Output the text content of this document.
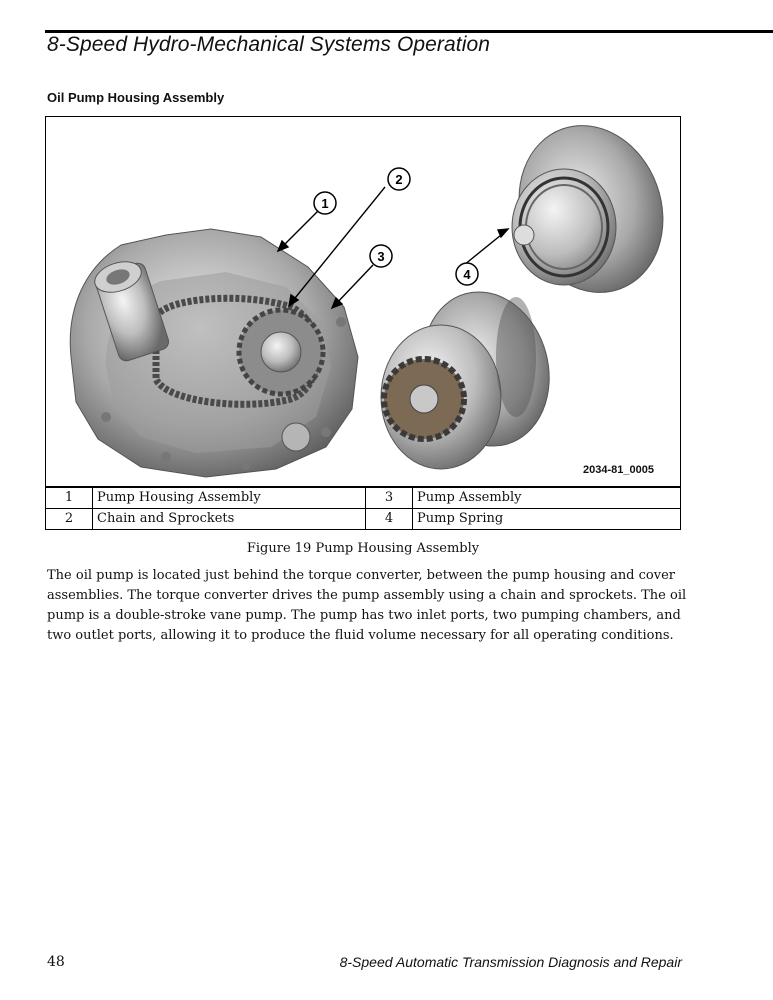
8-Speed Hydro-Mechanical Systems Operation
Oil Pump Housing Assembly
1
2
3
4
2034-81_0005
1	Pump Housing Assembly	3	Pump Assembly
2	Chain and Sprockets	4	Pump Spring
Figure 19 Pump Housing Assembly

The oil pump is located just behind the torque converter, between the pump housing and cover assemblies. The torque converter drives the pump assembly using a chain and sprockets. The oil pump is a double-stroke vane pump. The pump has two inlet ports, two pumping chambers, and two outlet ports, allowing it to produce the fluid volume necessary for all operating conditions.

48	8-Speed Automatic Transmission Diagnosis and Repair
